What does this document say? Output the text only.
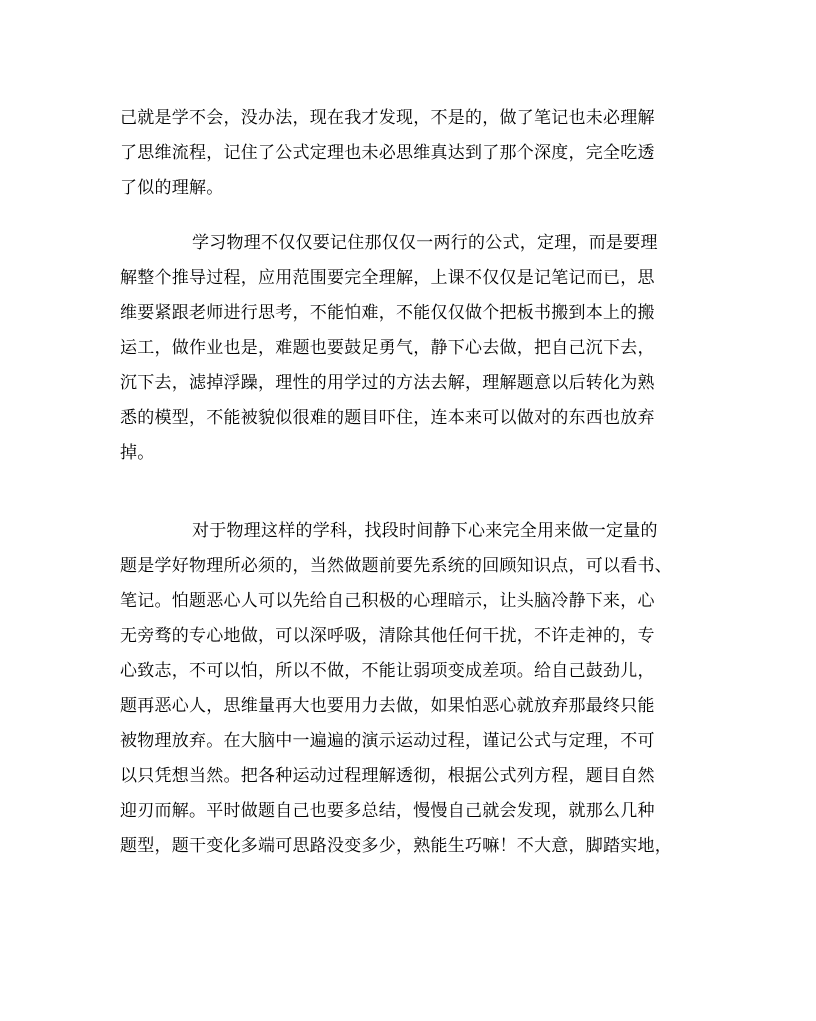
己就是学不会，没办法，现在我才发现，不是的，做了笔记也未必理解
了思维流程，记住了公式定理也未必思维真达到了那个深度，完全吃透
了似的理解。
学习物理不仅仅要记住那仅仅一两行的公式，定理，而是要理
解整个推导过程，应用范围要完全理解，上课不仅仅是记笔记而已，思
维要紧跟老师进行思考，不能怕难，不能仅仅做个把板书搬到本上的搬
运工，做作业也是，难题也要鼓足勇气，静下心去做，把自己沉下去，
沉下去，滤掉浮躁，理性的用学过的方法去解，理解题意以后转化为熟
悉的模型，不能被貌似很难的题目吓住，连本来可以做对的东西也放弃
掉。
对于物理这样的学科，找段时间静下心来完全用来做一定量的
题是学好物理所必须的，当然做题前要先系统的回顾知识点，可以看书、
笔记。怕题恶心人可以先给自己积极的心理暗示，让头脑冷静下来，心
无旁骛的专心地做，可以深呼吸，清除其他任何干扰，不许走神的，专
心致志，不可以怕，所以不做，不能让弱项变成差项。给自己鼓劲儿，
题再恶心人，思维量再大也要用力去做，如果怕恶心就放弃那最终只能
被物理放弃。在大脑中一遍遍的演示运动过程，谨记公式与定理，不可
以只凭想当然。把各种运动过程理解透彻，根据公式列方程，题目自然
迎刃而解。平时做题自己也要多总结，慢慢自己就会发现，就那么几种
题型，题干变化多端可思路没变多少，熟能生巧嘛！不大意，脚踏实地，
